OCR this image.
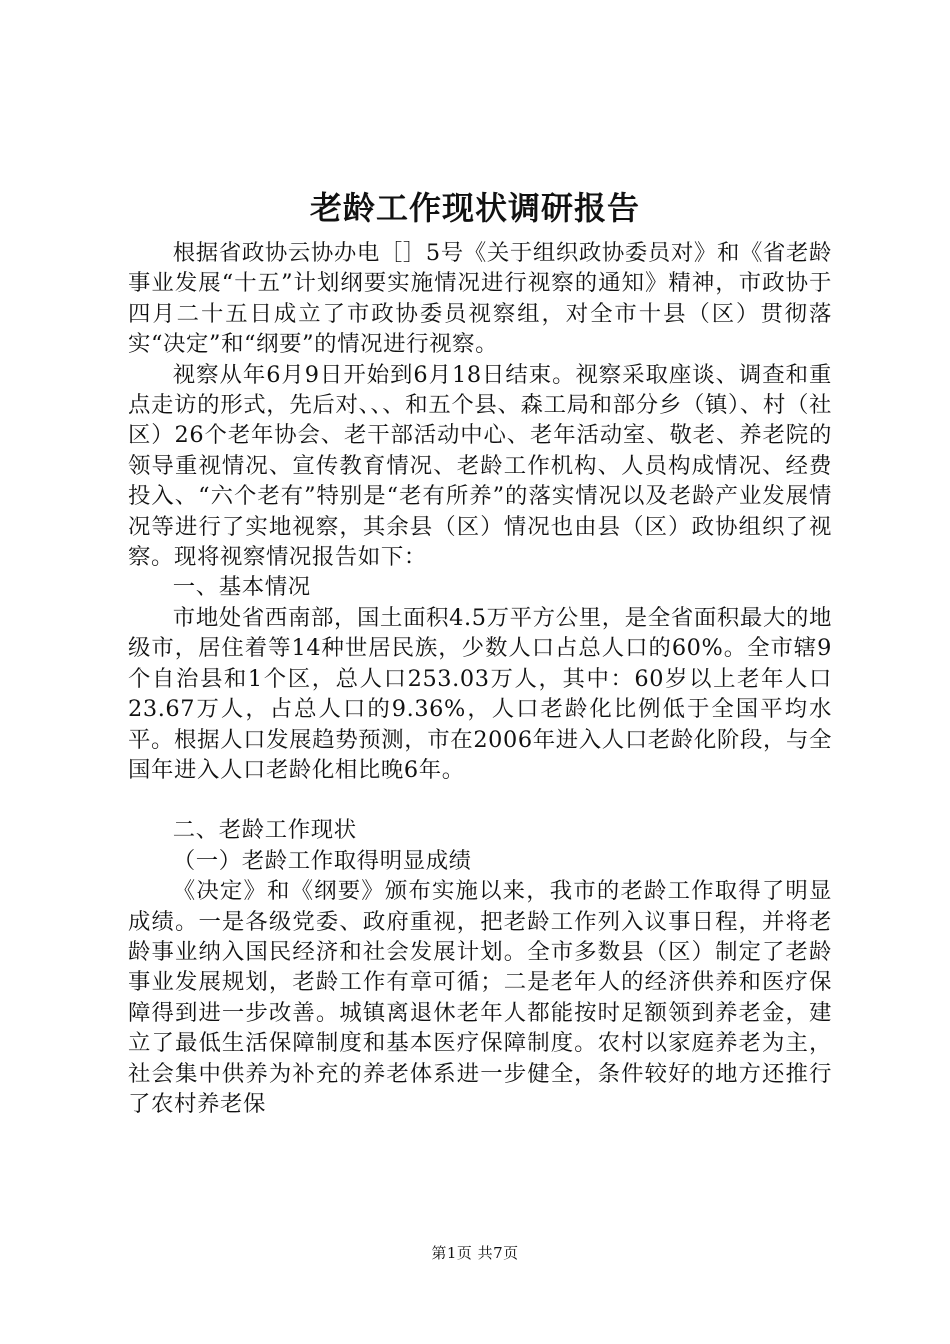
老龄工作现状调研报告

根据省政协云协办电［］5号《关于组织政协委员对》和《省老龄事业发展“十五”计划纲要实施情况进行视察的通知》精神，市政协于四月二十五日成立了市政协委员视察组，对全市十县（区）贯彻落实“决定”和“纲要”的情况进行视察。

视察从年6月9日开始到6月18日结束。视察采取座谈、调查和重点走访的形式，先后对、、、和五个县、森工局和部分乡（镇）、村（社区）26个老年协会、老干部活动中心、老年活动室、敬老、养老院的领导重视情况、宣传教育情况、老龄工作机构、人员构成情况、经费投入、“六个老有”特别是“老有所养”的落实情况以及老龄产业发展情况等进行了实地视察，其余县（区）情况也由县（区）政协组织了视察。现将视察情况报告如下：

一、基本情况

市地处省西南部，国土面积4.5万平方公里，是全省面积最大的地级市，居住着等14种世居民族，少数人口占总人口的60%。全市辖9个自治县和1个区，总人口253.03万人，其中：60岁以上老年人口23.67万人，占总人口的9.36%，人口老龄化比例低于全国平均水平。根据人口发展趋势预测，市在2006年进入人口老龄化阶段，与全国年进入人口老龄化相比晚6年。

二、老龄工作现状

（一）老龄工作取得明显成绩

《决定》和《纲要》颁布实施以来，我市的老龄工作取得了明显成绩。一是各级党委、政府重视，把老龄工作列入议事日程，并将老龄事业纳入国民经济和社会发展计划。全市多数县（区）制定了老龄事业发展规划，老龄工作有章可循；二是老年人的经济供养和医疗保障得到进一步改善。城镇离退休老年人都能按时足额领到养老金，建立了最低生活保障制度和基本医疗保障制度。农村以家庭养老为主，社会集中供养为补充的养老体系进一步健全，条件较好的地方还推行了农村养老保

第1页 共7页
